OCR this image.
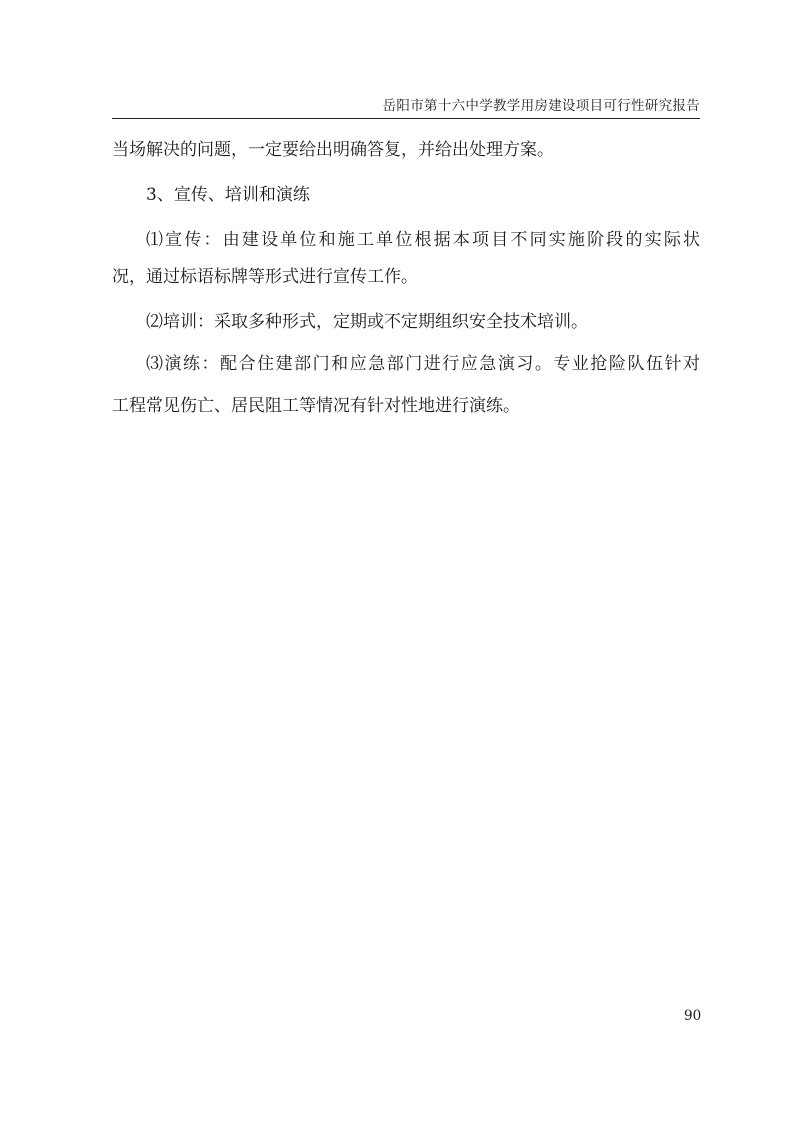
岳阳市第十六中学教学用房建设项目可行性研究报告
当场解决的问题，一定要给出明确答复，并给出处理方案。
3、宣传、培训和演练
⑴宣传：由建设单位和施工单位根据本项目不同实施阶段的实际状
况，通过标语标牌等形式进行宣传工作。
⑵培训：采取多种形式，定期或不定期组织安全技术培训。
⑶演练：配合住建部门和应急部门进行应急演习。专业抢险队伍针对
工程常见伤亡、居民阻工等情况有针对性地进行演练。
90
